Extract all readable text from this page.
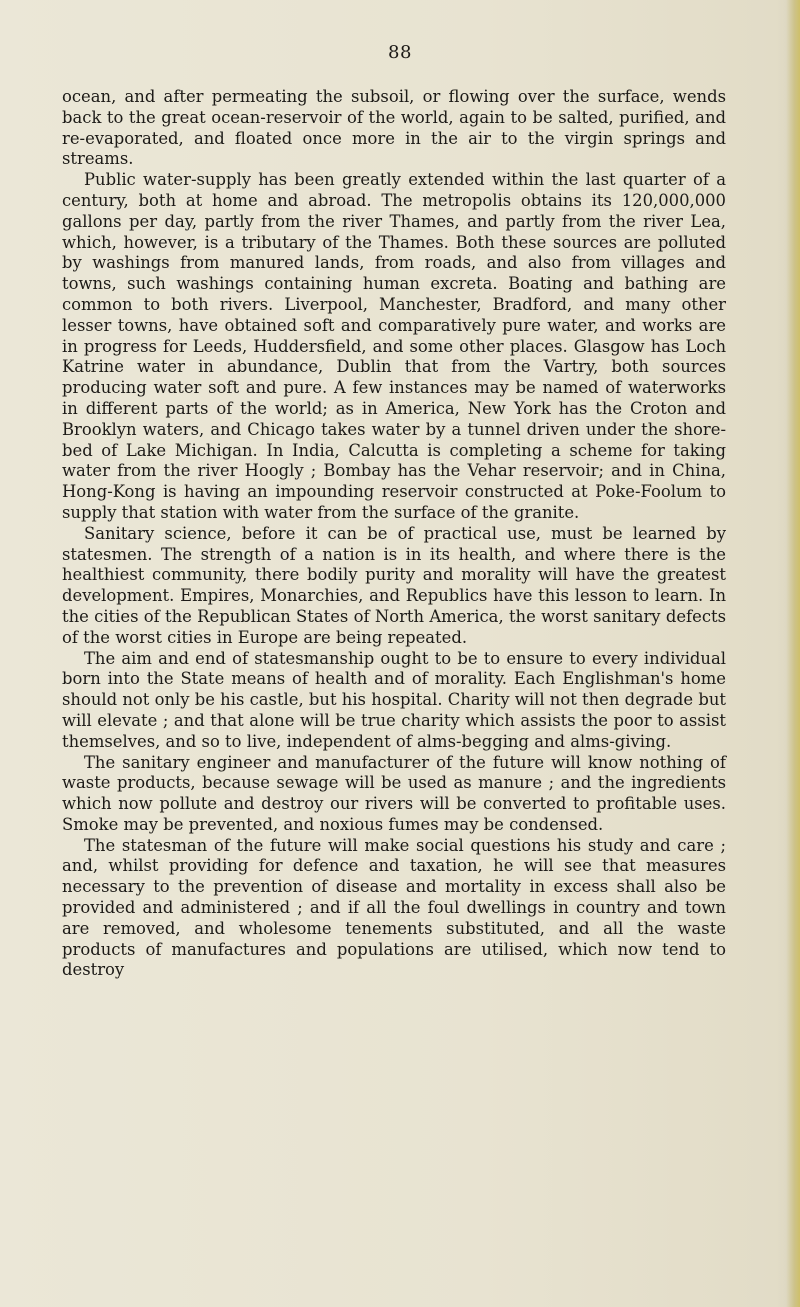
88

ocean, and after permeating the subsoil, or flowing over the surface, wends back to the great ocean-reservoir of the world, again to be salted, purified, and re-evaporated, and floated once more in the air to the virgin springs and streams.

Public water-supply has been greatly extended within the last quarter of a century, both at home and abroad. The metropolis obtains its 120,000,000 gallons per day, partly from the river Thames, and partly from the river Lea, which, however, is a tributary of the Thames. Both these sources are polluted by washings from manured lands, from roads, and also from villages and towns, such washings containing human excreta. Boating and bathing are common to both rivers. Liverpool, Manchester, Bradford, and many other lesser towns, have obtained soft and comparatively pure water, and works are in progress for Leeds, Huddersfield, and some other places. Glasgow has Loch Katrine water in abundance, Dublin that from the Vartry, both sources producing water soft and pure. A few instances may be named of waterworks in different parts of the world; as in America, New York has the Croton and Brooklyn waters, and Chicago takes water by a tunnel driven under the shore-bed of Lake Michigan. In India, Calcutta is completing a scheme for taking water from the river Hoogly ; Bombay has the Vehar reservoir; and in China, Hong-Kong is having an impounding reservoir constructed at Poke-Foolum to supply that station with water from the surface of the granite.

Sanitary science, before it can be of practical use, must be learned by statesmen. The strength of a nation is in its health, and where there is the healthiest community, there bodily purity and morality will have the greatest development. Empires, Monarchies, and Republics have this lesson to learn. In the cities of the Republican States of North America, the worst sanitary defects of the worst cities in Europe are being repeated.

The aim and end of statesmanship ought to be to ensure to every individual born into the State means of health and of morality. Each Englishman's home should not only be his castle, but his hospital. Charity will not then degrade but will elevate ; and that alone will be true charity which assists the poor to assist themselves, and so to live, independent of alms-begging and alms-giving.

The sanitary engineer and manufacturer of the future will know nothing of waste products, because sewage will be used as manure ; and the ingredients which now pollute and destroy our rivers will be converted to profitable uses. Smoke may be prevented, and noxious fumes may be condensed.

The statesman of the future will make social questions his study and care ; and, whilst providing for defence and taxation, he will see that measures necessary to the prevention of disease and mortality in excess shall also be provided and administered ; and if all the foul dwellings in country and town are removed, and wholesome tenements substituted, and all the waste products of manufactures and populations are utilised, which now tend to destroy
